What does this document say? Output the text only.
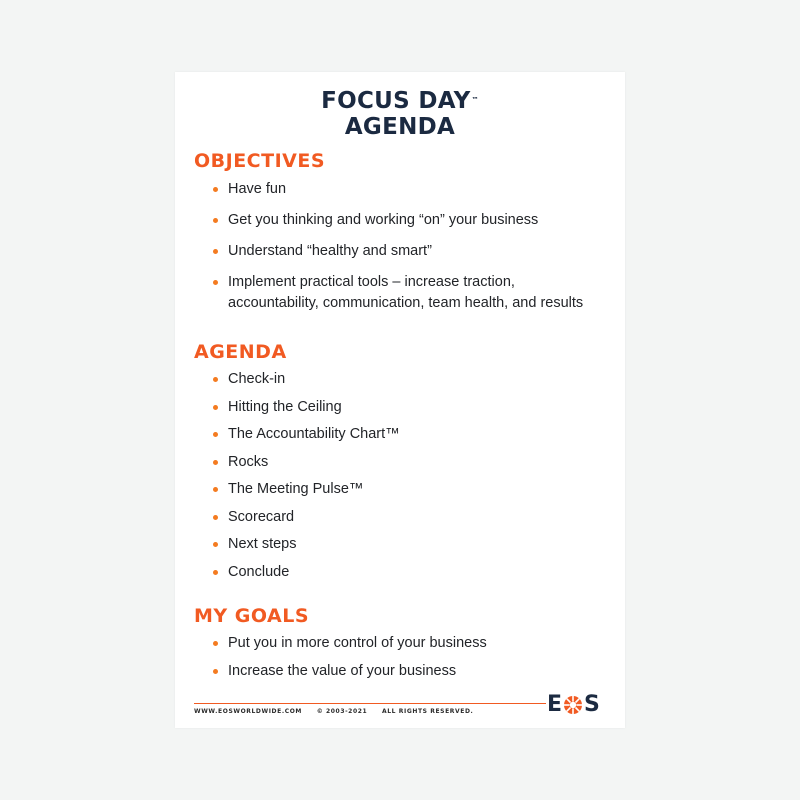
FOCUS DAY™
AGENDA
OBJECTIVES
Have fun
Get you thinking and working “on” your business
Understand “healthy and smart”
Implement practical tools – increase traction,
accountability, communication, team health, and results
AGENDA
Check-in
Hitting the Ceiling
The Accountability Chart™
Rocks
The Meeting Pulse™
Scorecard
Next steps
Conclude
MY GOALS
Put you in more control of your business
Increase the value of your business
WWW.EOSWORLDWIDE.COM © 2003-2021 ALL RIGHTS RESERVED.	E S
